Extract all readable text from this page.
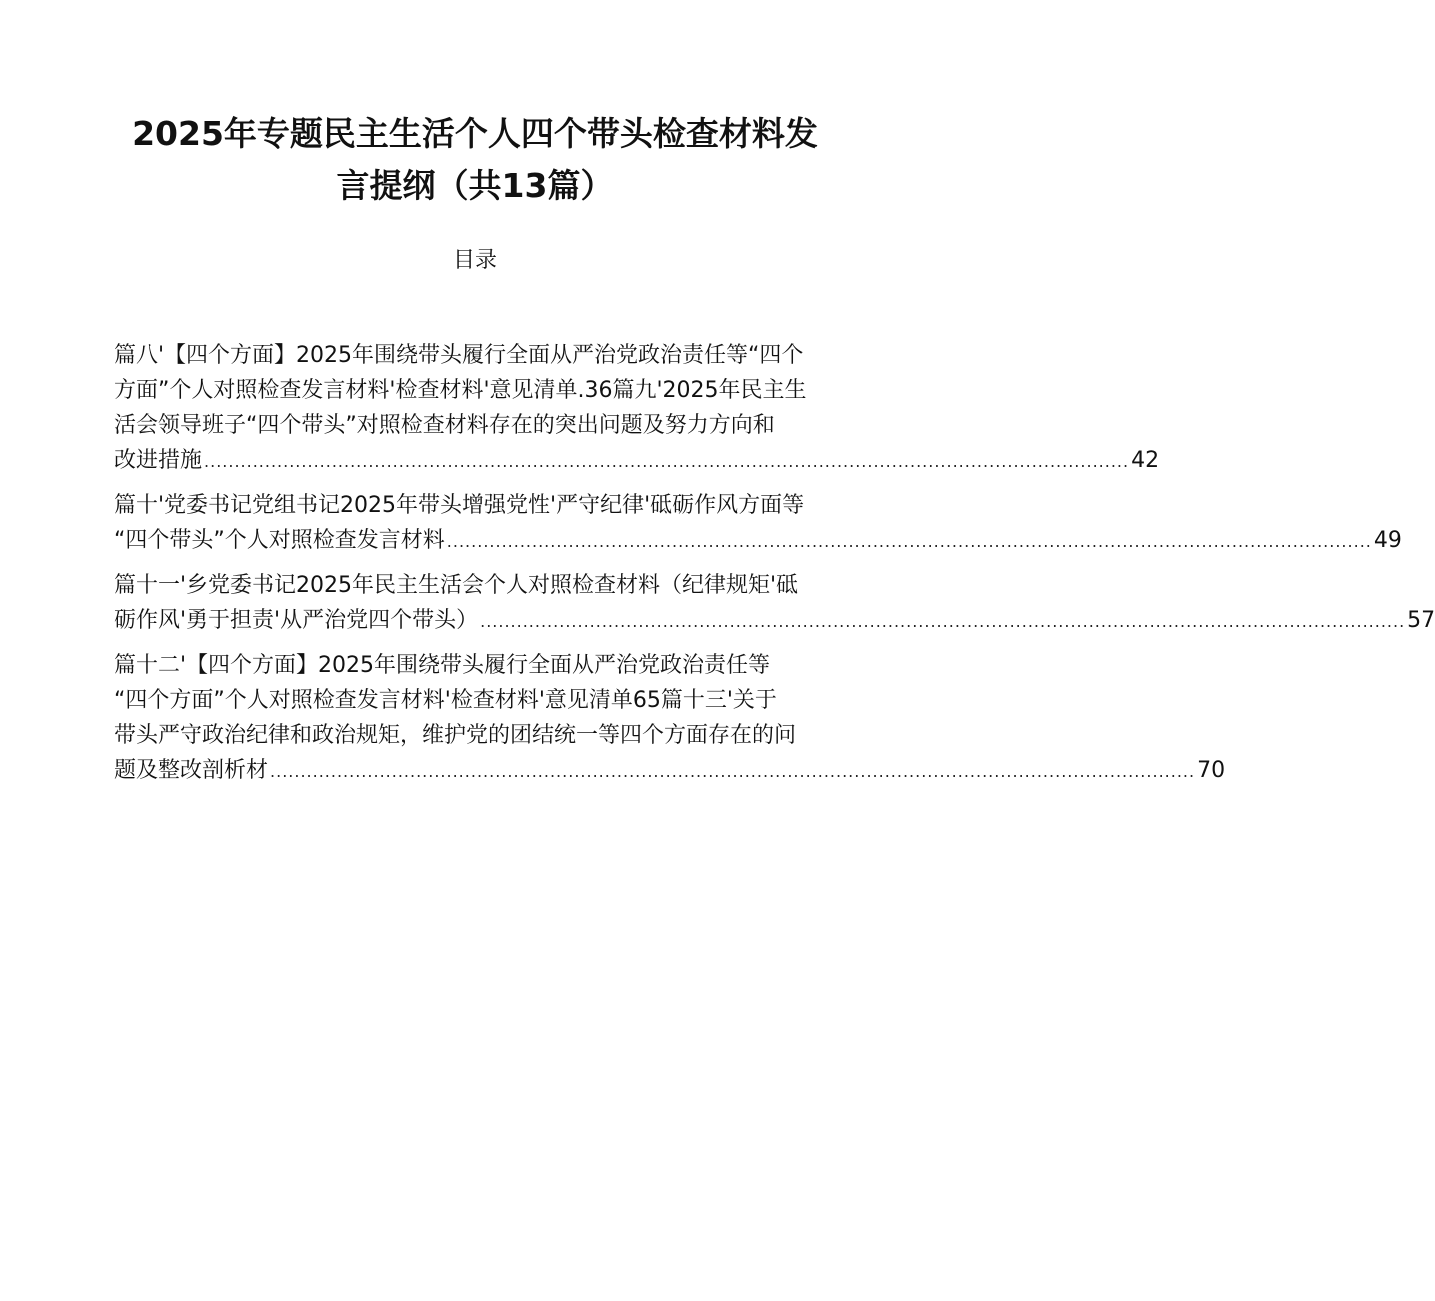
2025年专题民主生活个人四个带头检查材料发
言提纲（共13篇）
目录
篇八'【四个方面】2025年围绕带头履行全面从严治党政治责任等“四个
方面”个人对照检查发言材料'检查材料'意见清单.36篇九'2025年民主生
活会领导班子“四个带头”对照检查材料存在的突出问题及努力方向和
改进措施 ........................................................................................................................................................ 42
篇十'党委书记党组书记2025年带头增强党性'严守纪律'砥砺作风方面等
“四个带头”个人对照检查发言材料 ........................................................................................................................................................ 49
篇十一'乡党委书记2025年民主生活会个人对照检查材料（纪律规矩'砥
砺作风'勇于担责'从严治党四个带头） ........................................................................................................................................................ 57
篇十二'【四个方面】2025年围绕带头履行全面从严治党政治责任等
“四个方面”个人对照检查发言材料'检查材料'意见清单65篇十三'关于
带头严守政治纪律和政治规矩，维护党的团结统一等四个方面存在的问
题及整改剖析材 ........................................................................................................................................................ 70
